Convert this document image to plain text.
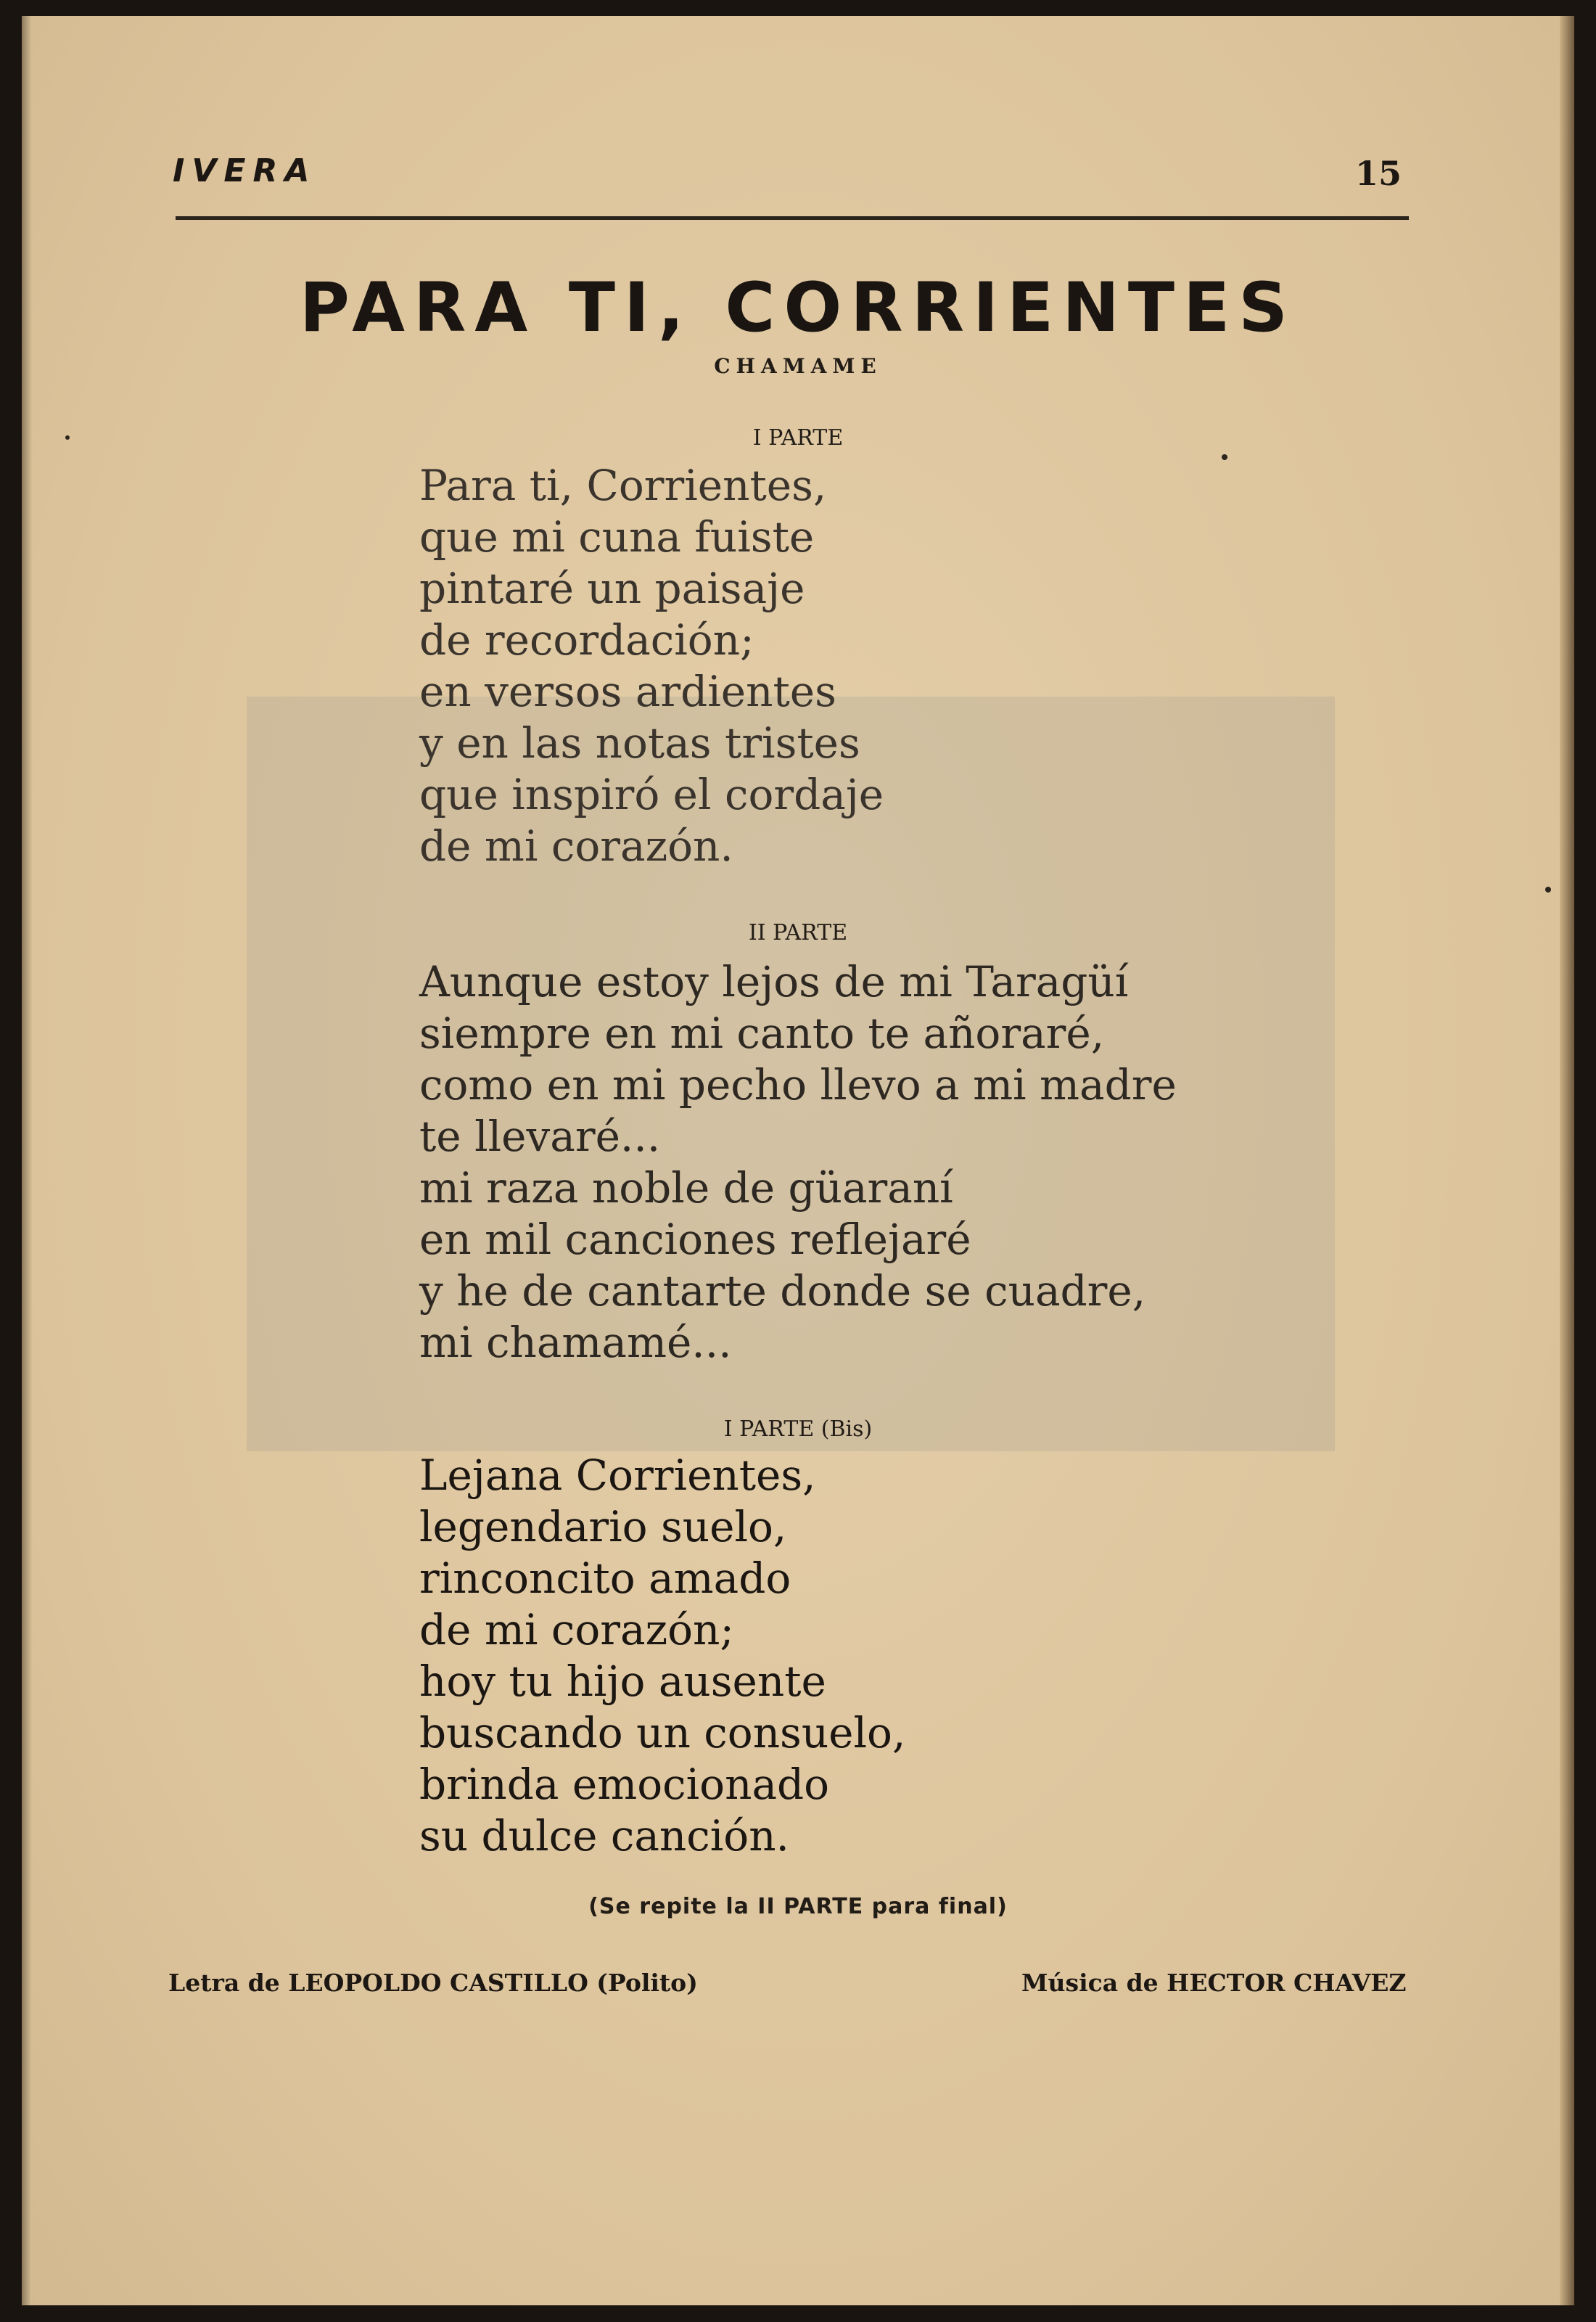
IVERA	15
PARA TI, CORRIENTES
CHAMAME
I PARTE
Para ti, Corrientes,
que mi cuna fuiste
pintaré un paisaje
de recordación;
en versos ardientes
y en las notas tristes
que inspiró el cordaje
de mi corazón.
II PARTE
Aunque estoy lejos de mi Taragüí
siempre en mi canto te añoraré,
como en mi pecho llevo a mi madre
te llevaré...
mi raza noble de güaraní
en mil canciones reflejaré
y he de cantarte donde se cuadre,
mi chamamé...
I PARTE (Bis)
Lejana Corrientes,
legendario suelo,
rinconcito amado
de mi corazón;
hoy tu hijo ausente
buscando un consuelo,
brinda emocionado
su dulce canción.
(Se repite la II PARTE para final)
Letra de LEOPOLDO CASTILLO (Polito)	Música de HECTOR CHAVEZ
